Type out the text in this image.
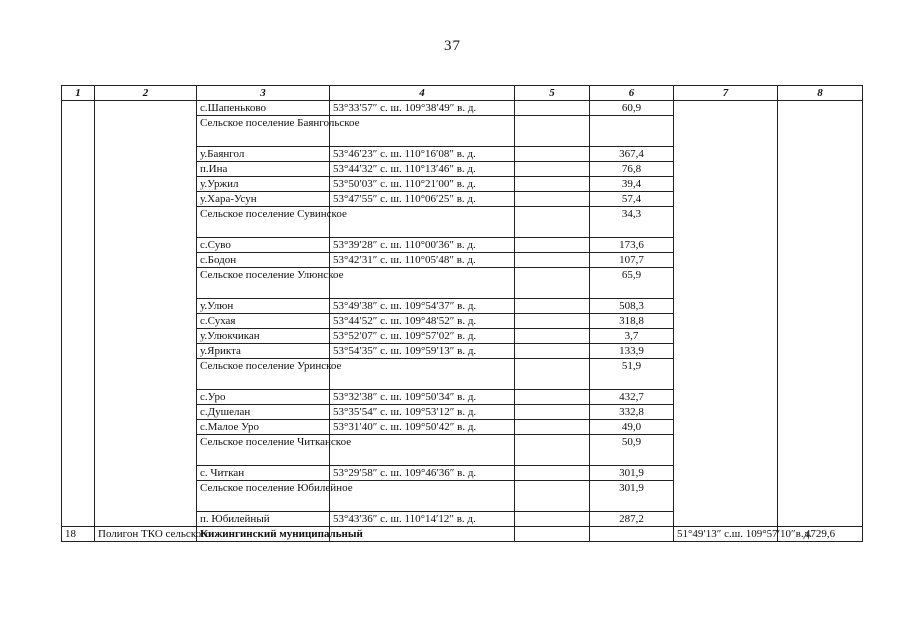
37
1	2	3	4	5	6	7	8
		с.Шапеньково	53°33′57″ с. ш. 109°38′49″ в. д.		60,9		
		Сельское поселение Баянгольское					
		у.Баянгол	53°46′23″ с. ш. 110°16′08″ в. д.		367,4		
		п.Ина	53°44′32″ с. ш. 110°13′46″ в. д.		76,8		
		у.Уржил	53°50′03″ с. ш. 110°21′00″ в. д.		39,4		
		у.Хара-Усун	53°47′55″ с. ш. 110°06′25″ в. д.		57,4		
		Сельское поселение Сувинское			34,3		
		с.Суво	53°39′28″ с. ш. 110°00′36″ в. д.		173,6		
		с.Бодон	53°42′31″ с. ш. 110°05′48″ в. д.		107,7		
		Сельское поселение Улюнское			65,9		
		у.Улюн	53°49′38″ с. ш. 109°54′37″ в. д.		508,3		
		с.Сухая	53°44′52″ с. ш. 109°48′52″ в. д.		318,8		
		у.Улюкчикан	53°52′07″ с. ш. 109°57′02″ в. д.		3,7		
		у.Ярикта	53°54′35″ с. ш. 109°59′13″ в. д.		133,9		
		Сельское поселение Уринское			51,9		
		с.Уро	53°32′38″ с. ш. 109°50′34″ в. д.		432,7		
		с.Душелан	53°35′54″ с. ш. 109°53′12″ в. д.		332,8		
		с.Малое Уро	53°31′40″ с. ш. 109°50′42″ в. д.		49,0		
		Сельское поселение Читканское			50,9		
		с. Читкан	53°29′58″ с. ш. 109°46′36″ в. д.		301,9		
		Сельское поселение Юбилейное			301,9		
		п. Юбилейный	53°43′36″ с. ш. 110°14′12″ в. д.		287,2		
18	Полигон ТКО сельского	Кижингинский муниципальный				51°49′13″ с.ш. 109°57′10″в.д.	4729,6
